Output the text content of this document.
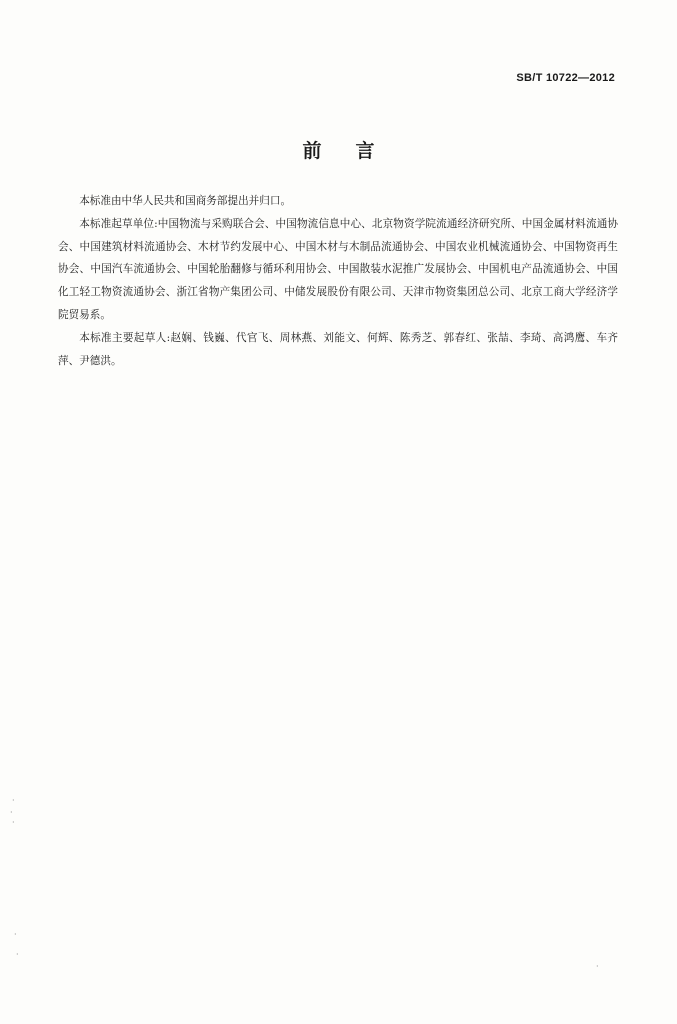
SB/T 10722—2012
前言

本标准由中华人民共和国商务部提出并归口。

本标准起草单位:中国物流与采购联合会、中国物流信息中心、北京物资学院流通经济研究所、中国金属材料流通协会、中国建筑材料流通协会、木材节约发展中心、中国木材与木制品流通协会、中国农业机械流通协会、中国物资再生协会、中国汽车流通协会、中国轮胎翻修与循环利用协会、中国散装水泥推广发展协会、中国机电产品流通协会、中国化工轻工物资流通协会、浙江省物产集团公司、中储发展股份有限公司、天津市物资集团总公司、北京工商大学经济学院贸易系。

本标准主要起草人:赵娴、钱巍、代官飞、周林燕、刘能文、何辉、陈秀芝、郭春红、张喆、李琦、高鸿鹰、车齐萍、尹德洪。

·
·
·
·
·
·
